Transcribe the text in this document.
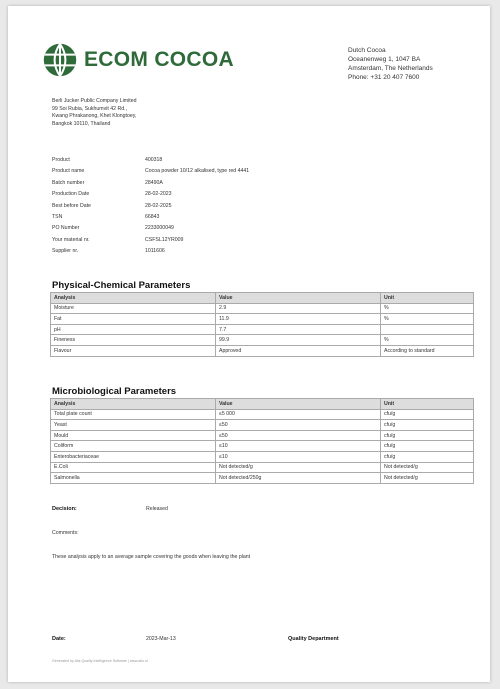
ECOM COCOA	Dutch Cocoa
Oceanenweg 1, 1047 BA
Amsterdam, The Netherlands
Phone: +31 20 407 7600
Berli Jucker Public Company Limited
99 Soi Rubia, Sukhumvit 42 Rd.,
Kwang Phrakanong, Khet Klongtoey,
Bangkok 10110, Thailand
Product	400318
Product name	Cocoa powder 10/12 alkalised, type red 4441
Batch number	28490A
Production Date	28-02-2023
Best before Date	28-02-2025
TSN	66843
PO Number	2233000049
Your material nr.	CSFSL12YR009
Supplier nr.	1011606
Physical-Chemical Parameters
Analysis	Value	Unit
Moisture	2.9	%
Fat	11.9	%
pH	7.7	
Fineness	99.9	%
Flavour	Approved	According to standard
Microbiological Parameters
Analysis	Value	Unit
Total plate count	≤5 000	cfu/g
Yeast	≤50	cfu/g
Mould	≤50	cfu/g
Coliform	≤10	cfu/g
Enterobacteriaceae	≤10	cfu/g
E.Coli	Not detected/g	Not detected/g
Salmonella	Not detected/250g	Not detected/g
Decision:	Released
Comments:
These analysis apply to an average sample covering the goods when leaving the plant
Date:	2023-Mar-13	Quality Department
Generated by Alis Quality Intelligence Software | www.alis.nl
